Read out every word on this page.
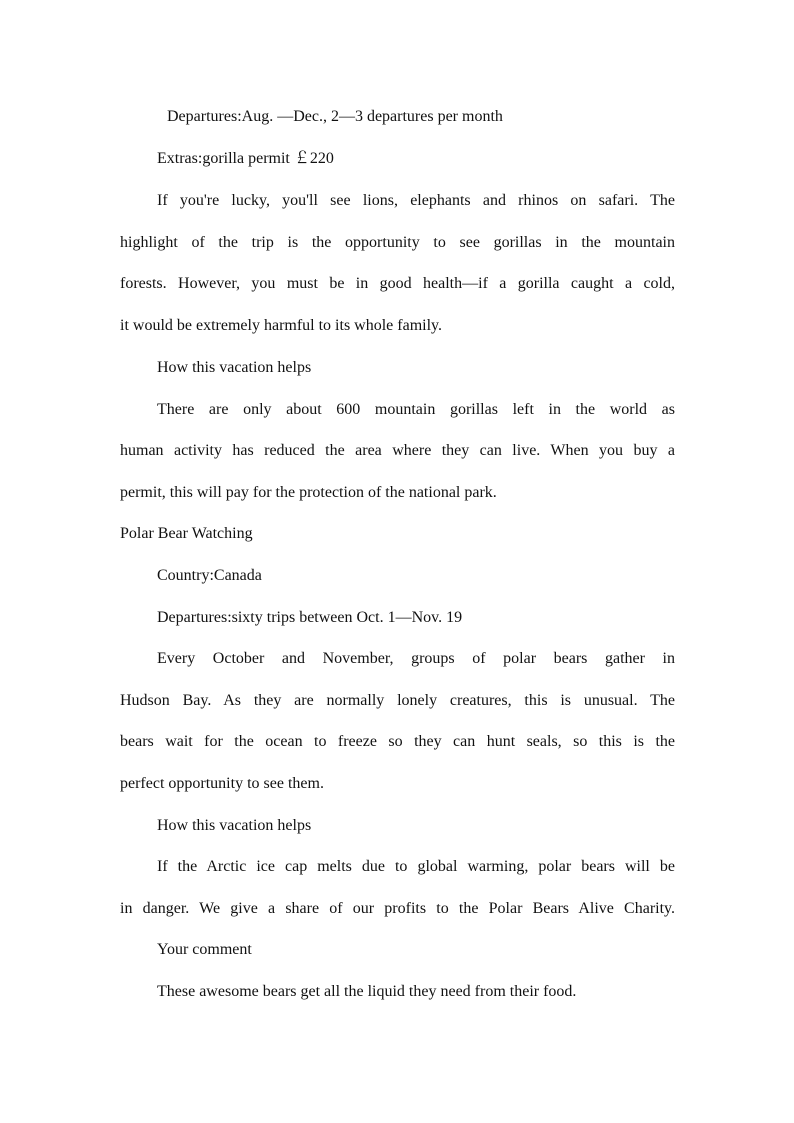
Departures:Aug. —Dec., 2—3 departures per month
Extras:gorilla permit ￡220
If you're lucky, you'll see lions, elephants and rhinos on safari. The
highlight of the trip is the opportunity to see gorillas in the mountain
forests. However, you must be in good health—if a gorilla caught a cold,
it would be extremely harmful to its whole family.
How this vacation helps
There are only about 600 mountain gorillas left in the world as
human activity has reduced the area where they can live. When you buy a
permit, this will pay for the protection of the national park.
Polar Bear Watching
Country:Canada
Departures:sixty trips between Oct. 1—Nov. 19
Every October and November, groups of polar bears gather in
Hudson Bay. As they are normally lonely creatures, this is unusual. The
bears wait for the ocean to freeze so they can hunt seals, so this is the
perfect opportunity to see them.
How this vacation helps
If the Arctic ice cap melts due to global warming, polar bears will be
in danger. We give a share of our profits to the Polar Bears Alive Charity.
Your comment
These awesome bears get all the liquid they need from their food.
